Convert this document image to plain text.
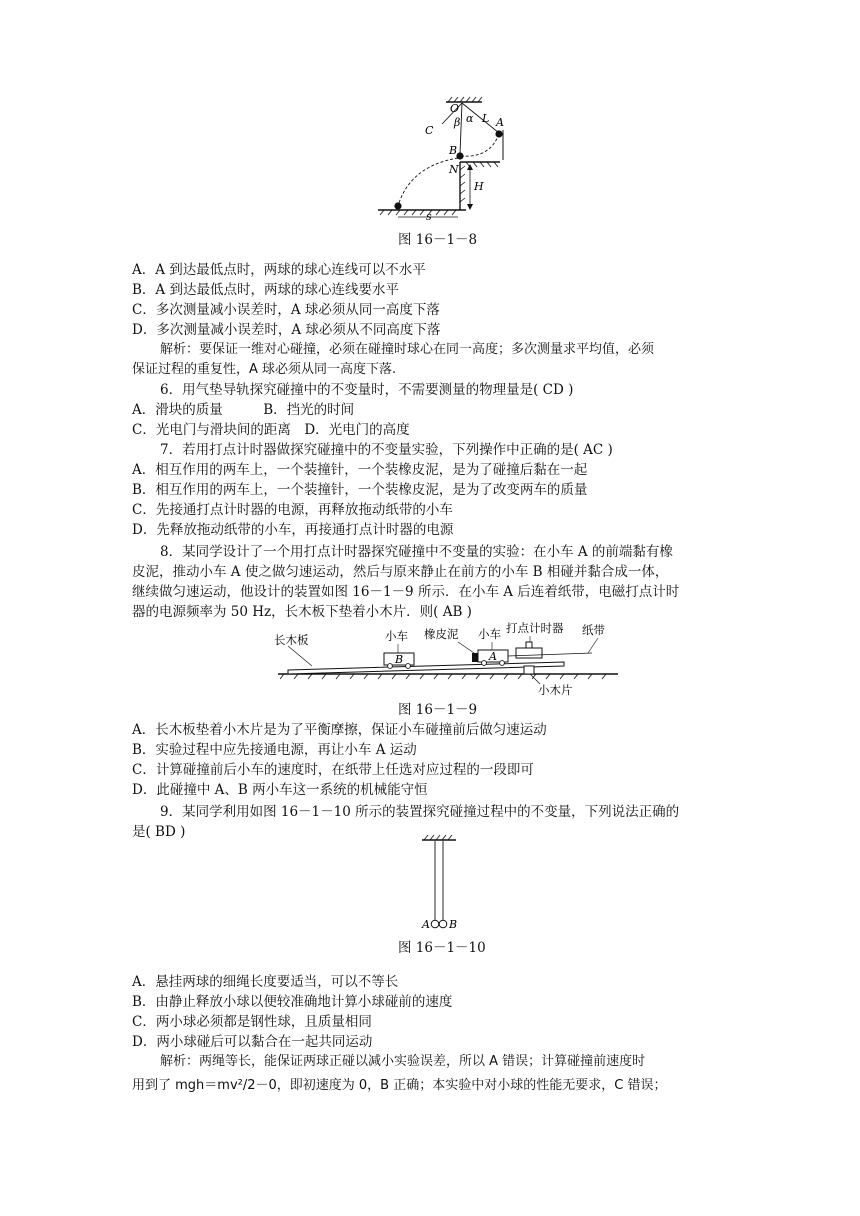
s
O
β α L A
C
B
N
H
图 16－1－8
A．A 到达最低点时，两球的球心连线可以不水平
B．A 到达最低点时，两球的球心连线要水平
C．多次测量减小误差时，A 球必须从同一高度下落
D．多次测量减小误差时，A 球必须从不同高度下落
解析：要保证一维对心碰撞，必须在碰撞时球心在同一高度；多次测量求平均值，必须
保证过程的重复性，A 球必须从同一高度下落.
6．用气垫导轨探究碰撞中的不变量时，不需要测量的物理量是( CD )
A．滑块的质量　　　B．挡光的时间
C．光电门与滑块间的距离　D．光电门的高度
7．若用打点计时器做探究碰撞中的不变量实验，下列操作中正确的是( AC )
A．相互作用的两车上，一个装撞针，一个装橡皮泥，是为了碰撞后黏在一起
B．相互作用的两车上，一个装撞针，一个装橡皮泥，是为了改变两车的质量
C．先接通打点计时器的电源，再释放拖动纸带的小车
D．先释放拖动纸带的小车，再接通打点计时器的电源
8．某同学设计了一个用打点计时器探究碰撞中不变量的实验：在小车 A 的前端黏有橡
皮泥，推动小车 A 使之做匀速运动，然后与原来静止在前方的小车 B 相碰并黏合成一体，
继续做匀速运动，他设计的装置如图 16－1－9 所示．在小车 A 后连着纸带，电磁打点计时
器的电源频率为 50 Hz，长木板下垫着小木片．则( AB )
B	A
长木板	小车 橡皮泥 小车 打点计时器 纸带
小木片
图 16－1－9
A．长木板垫着小木片是为了平衡摩擦，保证小车碰撞前后做匀速运动
B．实验过程中应先接通电源，再让小车 A 运动
C．计算碰撞前后小车的速度时，在纸带上任选对应过程的一段即可
D．此碰撞中 A、B 两小车这一系统的机械能守恒
9．某同学利用如图 16－1－10 所示的装置探究碰撞过程中的不变量，下列说法正确的
是( BD )
A B
图 16－1－10
A．悬挂两球的细绳长度要适当，可以不等长
B．由静止释放小球以便较准确地计算小球碰前的速度
C．两小球必须都是钢性球，且质量相同
D．两小球碰后可以黏合在一起共同运动
解析：两绳等长，能保证两球正碰以减小实验误差，所以 A 错误；计算碰撞前速度时
用到了 mgh＝mv²/2－0，即初速度为 0，B 正确；本实验中对小球的性能无要求，C 错误；
